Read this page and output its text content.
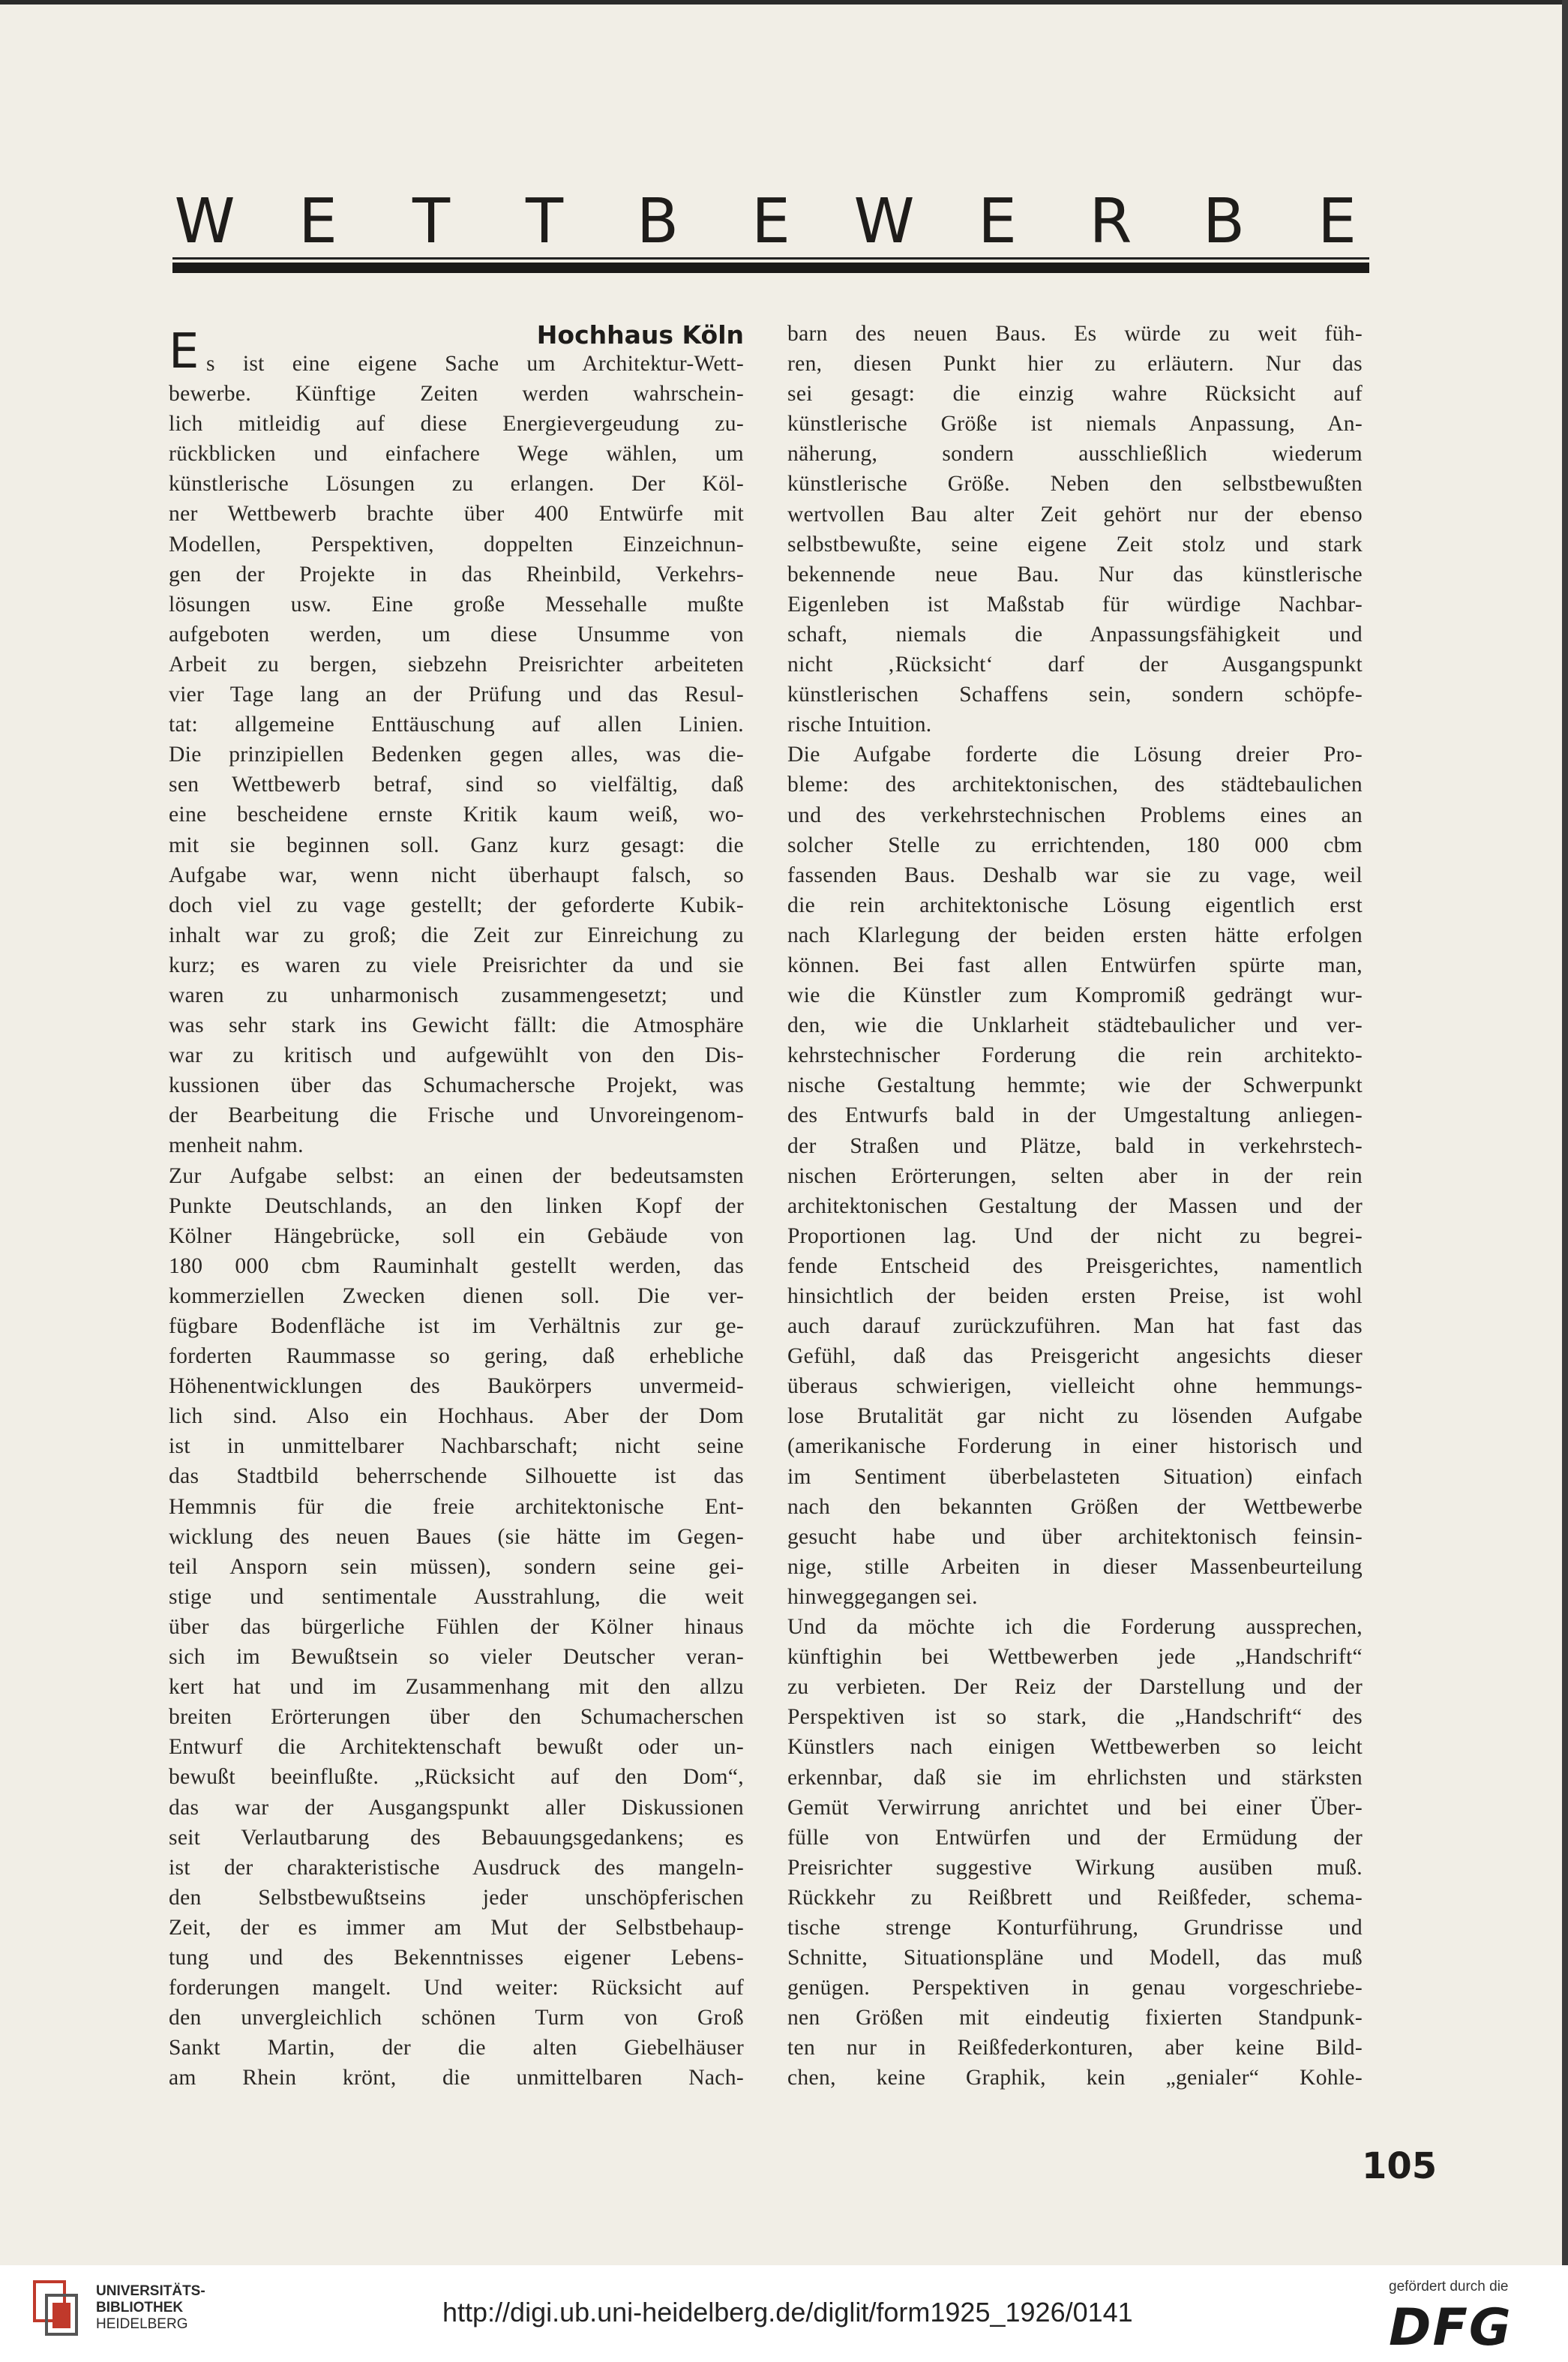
W E T T B E W E R B E
E	Hochhaus Köln
s ist eine eigene Sache um Architektur-Wett-
bewerbe. Künftige Zeiten werden wahrschein-
lich mitleidig auf diese Energievergeudung zu-
rückblicken und einfachere Wege wählen, um
künstlerische Lösungen zu erlangen. Der Köl-
ner Wettbewerb brachte über 400 Entwürfe mit
Modellen, Perspektiven, doppelten Einzeichnun-
gen der Projekte in das Rheinbild, Verkehrs-
lösungen usw. Eine große Messehalle mußte
aufgeboten werden, um diese Unsumme von
Arbeit zu bergen, siebzehn Preisrichter arbeiteten
vier Tage lang an der Prüfung und das Resul-
tat: allgemeine Enttäuschung auf allen Linien.
Die prinzipiellen Bedenken gegen alles, was die-
sen Wettbewerb betraf, sind so vielfältig, daß
eine bescheidene ernste Kritik kaum weiß, wo-
mit sie beginnen soll. Ganz kurz gesagt: die
Aufgabe war, wenn nicht überhaupt falsch, so
doch viel zu vage gestellt; der geforderte Kubik-
inhalt war zu groß; die Zeit zur Einreichung zu
kurz; es waren zu viele Preisrichter da und sie
waren zu unharmonisch zusammengesetzt; und
was sehr stark ins Gewicht fällt: die Atmosphäre
war zu kritisch und aufgewühlt von den Dis-
kussionen über das Schumachersche Projekt, was
der Bearbeitung die Frische und Unvoreingenom-
menheit nahm.
Zur Aufgabe selbst: an einen der bedeutsamsten
Punkte Deutschlands, an den linken Kopf der
Kölner Hängebrücke, soll ein Gebäude von
180 000 cbm Rauminhalt gestellt werden, das
kommerziellen Zwecken dienen soll. Die ver-
fügbare Bodenfläche ist im Verhältnis zur ge-
forderten Raummasse so gering, daß erhebliche
Höhenentwicklungen des Baukörpers unvermeid-
lich sind. Also ein Hochhaus. Aber der Dom
ist in unmittelbarer Nachbarschaft; nicht seine
das Stadtbild beherrschende Silhouette ist das
Hemmnis für die freie architektonische Ent-
wicklung des neuen Baues (sie hätte im Gegen-
teil Ansporn sein müssen), sondern seine gei-
stige und sentimentale Ausstrahlung, die weit
über das bürgerliche Fühlen der Kölner hinaus
sich im Bewußtsein so vieler Deutscher veran-
kert hat und im Zusammenhang mit den allzu
breiten Erörterungen über den Schumacherschen
Entwurf die Architektenschaft bewußt oder un-
bewußt beeinflußte. „Rücksicht auf den Dom“,
das war der Ausgangspunkt aller Diskussionen
seit Verlautbarung des Bebauungsgedankens; es
ist der charakteristische Ausdruck des mangeln-
den Selbstbewußtseins jeder unschöpferischen
Zeit, der es immer am Mut der Selbstbehaup-
tung und des Bekenntnisses eigener Lebens-
forderungen mangelt. Und weiter: Rücksicht auf
den unvergleichlich schönen Turm von Groß
Sankt Martin, der die alten Giebelhäuser
am Rhein krönt, die unmittelbaren Nach-
barn des neuen Baus. Es würde zu weit füh-
ren, diesen Punkt hier zu erläutern. Nur das
sei gesagt: die einzig wahre Rücksicht auf
künstlerische Größe ist niemals Anpassung, An-
näherung, sondern ausschließlich wiederum
künstlerische Größe. Neben den selbstbewußten
wertvollen Bau alter Zeit gehört nur der ebenso
selbstbewußte, seine eigene Zeit stolz und stark
bekennende neue Bau. Nur das künstlerische
Eigenleben ist Maßstab für würdige Nachbar-
schaft, niemals die Anpassungsfähigkeit und
nicht ‚Rücksicht‘ darf der Ausgangspunkt
künstlerischen Schaffens sein, sondern schöpfe-
rische Intuition.
Die Aufgabe forderte die Lösung dreier Pro-
bleme: des architektonischen, des städtebaulichen
und des verkehrstechnischen Problems eines an
solcher Stelle zu errichtenden, 180 000 cbm
fassenden Baus. Deshalb war sie zu vage, weil
die rein architektonische Lösung eigentlich erst
nach Klarlegung der beiden ersten hätte erfolgen
können. Bei fast allen Entwürfen spürte man,
wie die Künstler zum Kompromiß gedrängt wur-
den, wie die Unklarheit städtebaulicher und ver-
kehrstechnischer Forderung die rein architekto-
nische Gestaltung hemmte; wie der Schwerpunkt
des Entwurfs bald in der Umgestaltung anliegen-
der Straßen und Plätze, bald in verkehrstech-
nischen Erörterungen, selten aber in der rein
architektonischen Gestaltung der Massen und der
Proportionen lag. Und der nicht zu begrei-
fende Entscheid des Preisgerichtes, namentlich
hinsichtlich der beiden ersten Preise, ist wohl
auch darauf zurückzuführen. Man hat fast das
Gefühl, daß das Preisgericht angesichts dieser
überaus schwierigen, vielleicht ohne hemmungs-
lose Brutalität gar nicht zu lösenden Aufgabe
(amerikanische Forderung in einer historisch und
im Sentiment überbelasteten Situation) einfach
nach den bekannten Größen der Wettbewerbe
gesucht habe und über architektonisch feinsin-
nige, stille Arbeiten in dieser Massenbeurteilung
hinweggegangen sei.
Und da möchte ich die Forderung aussprechen,
künftighin bei Wettbewerben jede „Handschrift“
zu verbieten. Der Reiz der Darstellung und der
Perspektiven ist so stark, die „Handschrift“ des
Künstlers nach einigen Wettbewerben so leicht
erkennbar, daß sie im ehrlichsten und stärksten
Gemüt Verwirrung anrichtet und bei einer Über-
fülle von Entwürfen und der Ermüdung der
Preisrichter suggestive Wirkung ausüben muß.
Rückkehr zu Reißbrett und Reißfeder, schema-
tische strenge Konturführung, Grundrisse und
Schnitte, Situationspläne und Modell, das muß
genügen. Perspektiven in genau vorgeschriebe-
nen Größen mit eindeutig fixierten Standpunk-
ten nur in Reißfederkonturen, aber keine Bild-
chen, keine Graphik, kein „genialer“ Kohle-
105
UNIVERSITÄTS-
BIBLIOTHEK
HEIDELBERG	http://digi.ub.uni-heidelberg.de/diglit/form1925_1926/0141
gefördert durch die
DFG
